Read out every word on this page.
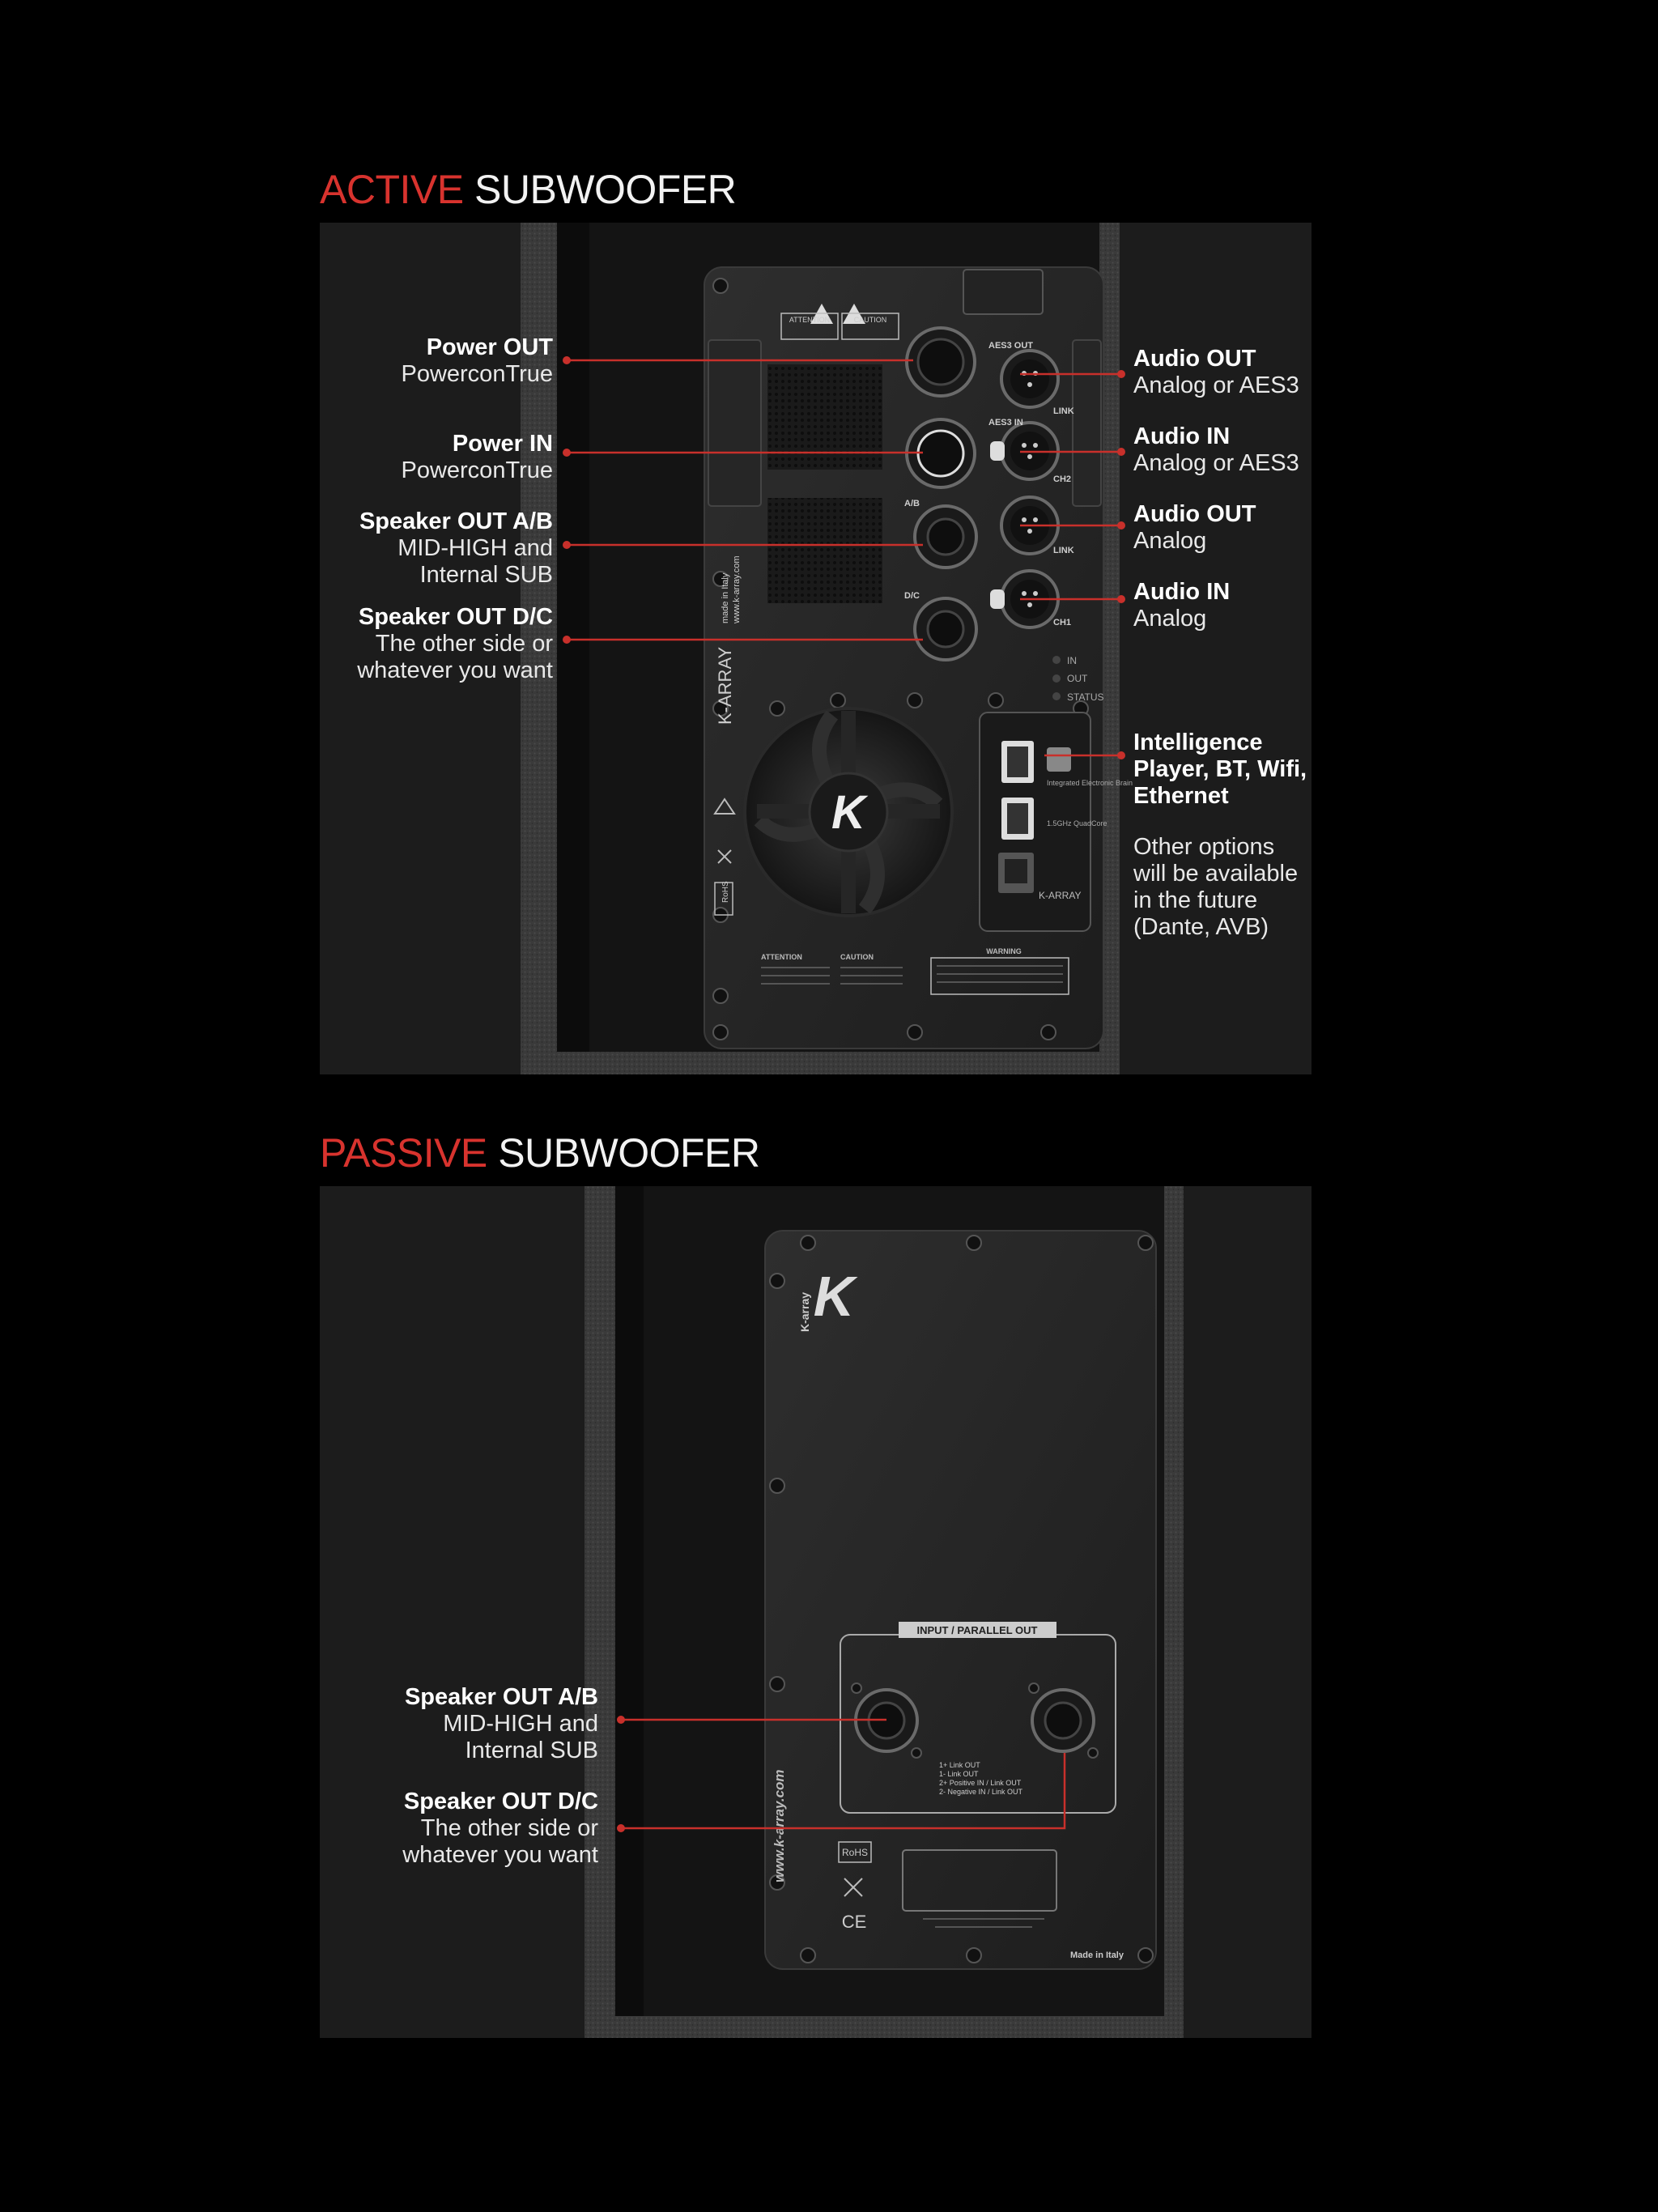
ACTIVE SUBWOOFER
ATTENTION	CAUTION
AES3 OUT
AES3 IN
LINK
CH2
LINK
CH1
A/B
D/C
IN
OUT
STATUS
K-ARRAY
made in Italy www.k-array.com
RoHS
K
Integrated Electronic Brain
1.5GHz QuadCore
K-ARRAY
ATTENTION	CAUTION
WARNING
Power OUT
PowerconTrue
Power IN
PowerconTrue
Speaker OUT A/B
MID-HIGH and
Internal SUB
Speaker OUT D/C
The other side or
whatever you want
Audio OUT
Analog or AES3
Audio IN
Analog or AES3
Audio OUT
Analog
Audio IN
Analog
Intelligence
Player, BT, Wifi,
Ethernet
Other options
will be available
in the future
(Dante, AVB)
PASSIVE SUBWOOFER
K
K-array
INPUT / PARALLEL OUT
1+ Link OUT
1- Link OUT
2+ Positive IN / Link OUT
2- Negative IN / Link OUT
www.k-array.com	RoHS
CE
Made in Italy
Speaker OUT A/B
MID-HIGH and
Internal SUB
Speaker OUT D/C
The other side or
whatever you want
